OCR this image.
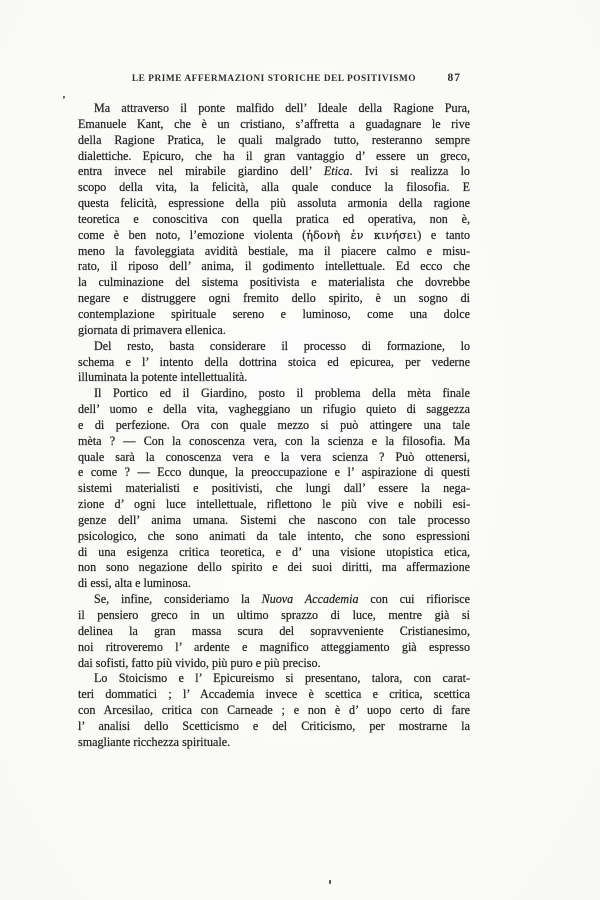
LE PRIME AFFERMAZIONI STORICHE DEL POSITIVISMO	87
’
Ma attraverso il ponte malfido dell’ Ideale della Ragione Pura,
Emanuele Kant, che è un cristiano, s’affretta a guadagnare le rive
della Ragione Pratica, le quali malgrado tutto, resteranno sempre
dialettiche. Epicuro, che ha il gran vantaggio d’ essere un greco,
entra invece nel mirabile giardino dell’ Etica. Ivi si realizza lo
scopo della vita, la felicità, alla quale conduce la filosofia. E
questa felicità, espressione della più assoluta armonia della ragione
teoretica e conoscitiva con quella pratica ed operativa, non è,
come è ben noto, l’emozione violenta (ἡδονὴ ἐν κινήσει) e tanto
meno la favoleggiata avidità bestiale, ma il piacere calmo e misu-
rato, il riposo dell’ anima, il godimento intellettuale. Ed ecco che
la culminazione del sistema positivista e materialista che dovrebbe
negare e distruggere ogni fremito dello spirito, è un sogno di
contemplazione spirituale sereno e luminoso, come una dolce
giornata di primavera ellenica.
Del resto, basta considerare il processo di formazione, lo
schema e l’ intento della dottrina stoica ed epicurea, per vederne
illuminata la potente intellettualità.
Il Portico ed il Giardino, posto il problema della mèta finale
dell’ uomo e della vita, vagheggiano un rifugio quieto di saggezza
e di perfezione. Ora con quale mezzo si può attingere una tale
mèta ? — Con la conoscenza vera, con la scienza e la filosofia. Ma
quale sarà la conoscenza vera e la vera scienza ? Può ottenersi,
e come ? — Ecco dunque, la preoccupazione e l’ aspirazione di questi
sistemi materialisti e positivisti, che lungi dall’ essere la nega-
zione d’ ogni luce intellettuale, riflettono le più vive e nobili esi-
genze dell’ anima umana. Sistemi che nascono con tale processo
psicologico, che sono animati da tale intento, che sono espressioni
di una esigenza critica teoretica, e d’ una visione utopistica etica,
non sono negazione dello spirito e dei suoi diritti, ma affermazione
di essi, alta e luminosa.
Se, infine, consideriamo la Nuova Accademia con cui rifiorisce
il pensiero greco in un ultimo sprazzo di luce, mentre già si
delinea la gran massa scura del sopravveniente Cristianesimo,
noi ritroveremo l’ ardente e magnifico atteggiamento già espresso
dai sofisti, fatto più vivido, più puro e più preciso.
Lo Stoicismo e l’ Epicureismo si presentano, talora, con carat-
teri dommatici ; l’ Accademia invece è scettica e critica, scettica
con Arcesilao, critica con Carneade ; e non è d’ uopo certo di fare
l’ analisi dello Scetticismo e del Criticismo, per mostrarne la
smagliante ricchezza spirituale.
